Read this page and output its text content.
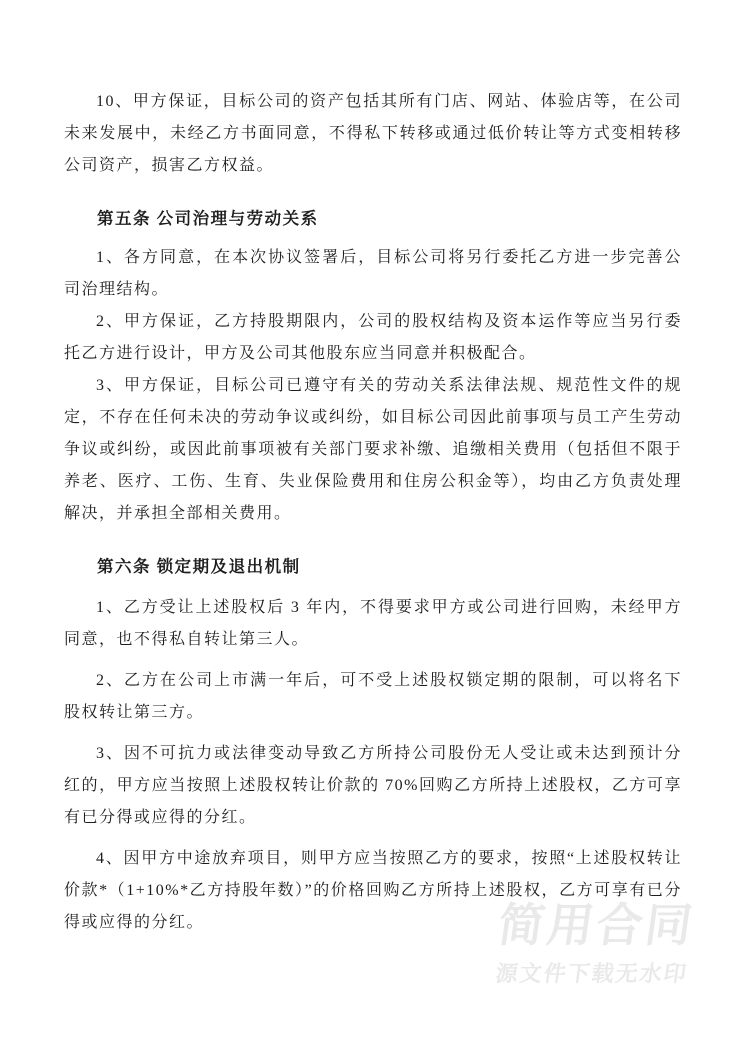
10、甲方保证，目标公司的资产包括其所有门店、网站、体验店等，在公司未来发展中，未经乙方书面同意，不得私下转移或通过低价转让等方式变相转移公司资产，损害乙方权益。

第五条 公司治理与劳动关系

1、各方同意，在本次协议签署后，目标公司将另行委托乙方进一步完善公司治理结构。

2、甲方保证，乙方持股期限内，公司的股权结构及资本运作等应当另行委托乙方进行设计，甲方及公司其他股东应当同意并积极配合。

3、甲方保证，目标公司已遵守有关的劳动关系法律法规、规范性文件的规定，不存在任何未决的劳动争议或纠纷，如目标公司因此前事项与员工产生劳动争议或纠纷，或因此前事项被有关部门要求补缴、追缴相关费用（包括但不限于养老、医疗、工伤、生育、失业保险费用和住房公积金等），均由乙方负责处理解决，并承担全部相关费用。

第六条 锁定期及退出机制

1、乙方受让上述股权后 3 年内，不得要求甲方或公司进行回购，未经甲方同意，也不得私自转让第三人。

2、乙方在公司上市满一年后，可不受上述股权锁定期的限制，可以将名下股权转让第三方。

3、因不可抗力或法律变动导致乙方所持公司股份无人受让或未达到预计分红的，甲方应当按照上述股权转让价款的 70%回购乙方所持上述股权，乙方可享有已分得或应得的分红。

4、因甲方中途放弃项目，则甲方应当按照乙方的要求，按照“上述股权转让价款*（1+10%*乙方持股年数）”的价格回购乙方所持上述股权，乙方可享有已分得或应得的分红。	简用合同
源文件下载无水印
